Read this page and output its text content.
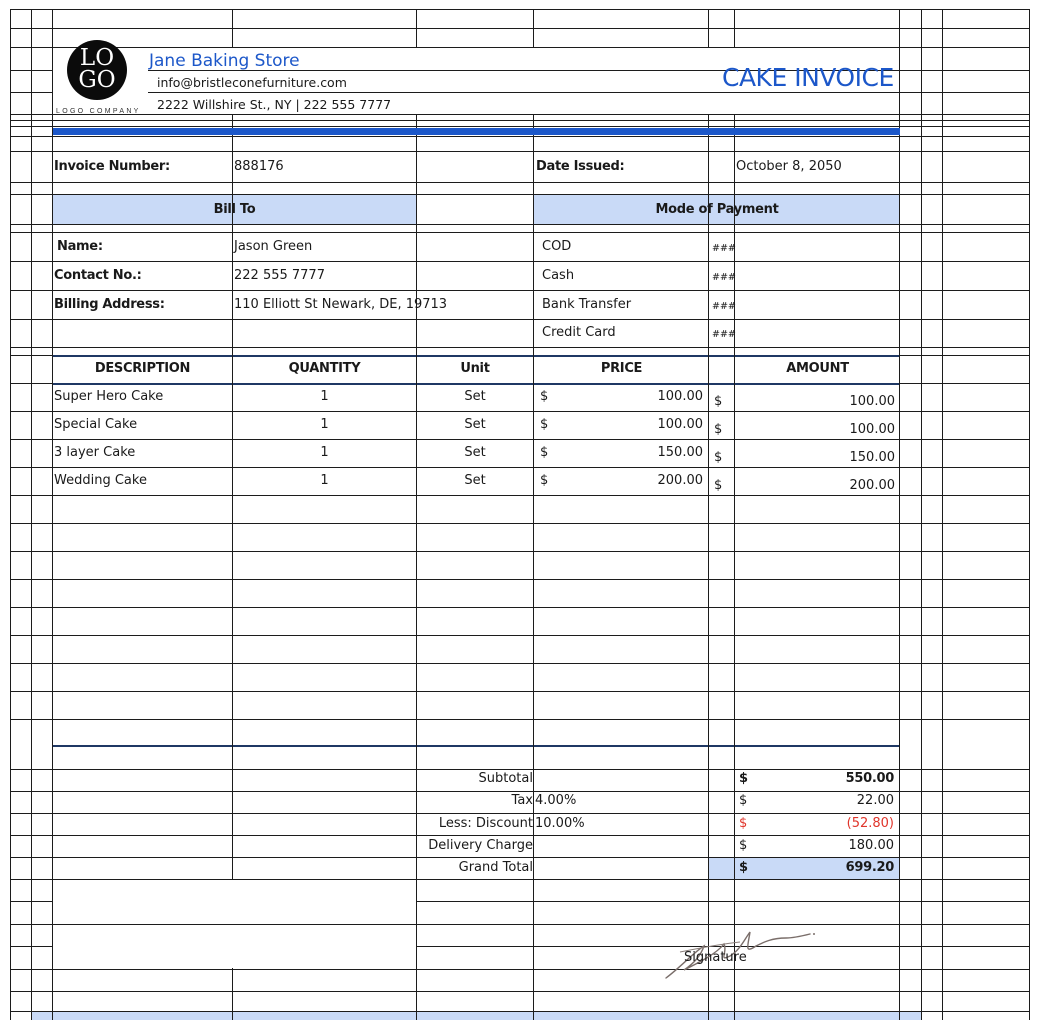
LO
GO
LOGO COMPANY
Jane Baking Store
info@bristleconefurniture.com
2222 Willshire St., NY | 222 555 7777
CAKE INVOICE
Invoice Number:	888176	Date Issued:	October 8, 2050
Bill To	Mode of Payment
Name:	Jason Green
Contact No.:	222 555 7777
Billing Address:	110 Elliott St Newark, DE, 19713
COD	###
Cash	###
Bank Transfer	###
Credit Card	###
DESCRIPTION	QUANTITY	Unit	PRICE	AMOUNT
Super Hero Cake	1	Set	$	100.00 $	100.00
Special Cake	1	Set	$	100.00 $	100.00
3 layer Cake	1	Set	$	150.00 $	150.00
Wedding Cake	1	Set	$	200.00 $	200.00
Subtotal	$	550.00
Tax 4.00%	$	22.00
Less: Discount 10.00%	$	(52.80)
Delivery Charge	$	180.00
Grand Total	$	699.20
Signature
